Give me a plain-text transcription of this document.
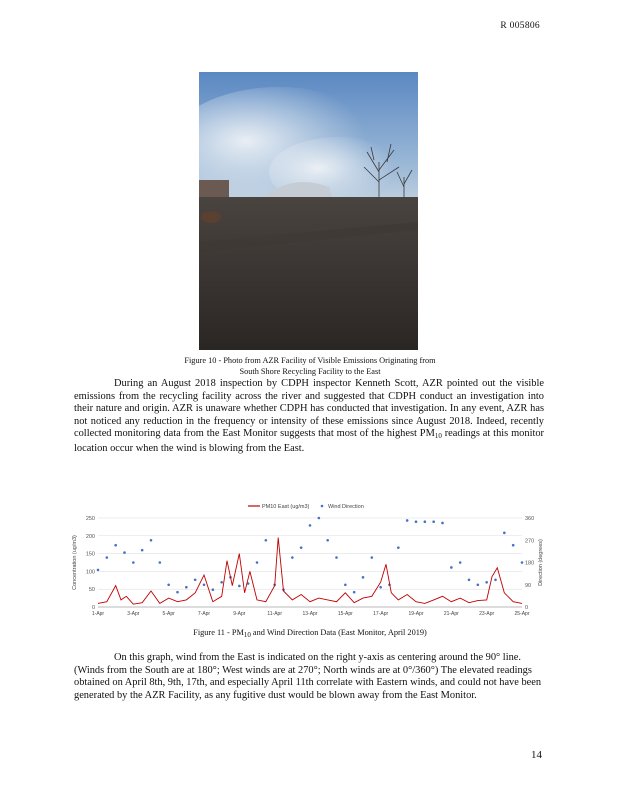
R 005806
Figure 10 - Photo from AZR Facility of Visible Emissions Originating from
South Shore Recycling Facility to the East

During an August 2018 inspection by CDPH inspector Kenneth Scott, AZR pointed out the visible emissions from the recycling facility across the river and suggested that CDPH conduct an investigation into their nature and origin. AZR is unaware whether CDPH has conducted that investigation. In any event, AZR has not noticed any reduction in the frequency or intensity of these emissions since August 2018. Indeed, recently collected monitoring data from the East Monitor suggests that most of the highest $PM_{10}$ readings at this monitor location occur when the wind is blowing from the East.

0
50
100
150
200
250
0
90
180
270
360
1-Apr	3-Apr	5-Apr	7-Apr	9-Apr	11-Apr	13-Apr	15-Apr	17-Apr	19-Apr	21-Apr	23-Apr	25-Apr
Concentration (ug/m3)	Direction (degrees)
PM10 East (ug/m3)	Wind Direction
Figure $11 - PM_{10}$ and Wind Direction Data (East Monitor, April 2019)

On this graph, wind from the East is indicated on the right y-axis as centering around the 90° line. (Winds from the South are at 180°; West winds are at 270°; North winds are at 0°/360°) The elevated readings obtained on April 8th, 9th, 17th, and especially April 11th correlate with Eastern winds, and could not have been generated by the AZR Facility, as any fugitive dust would be blown away from the East Monitor.

14
